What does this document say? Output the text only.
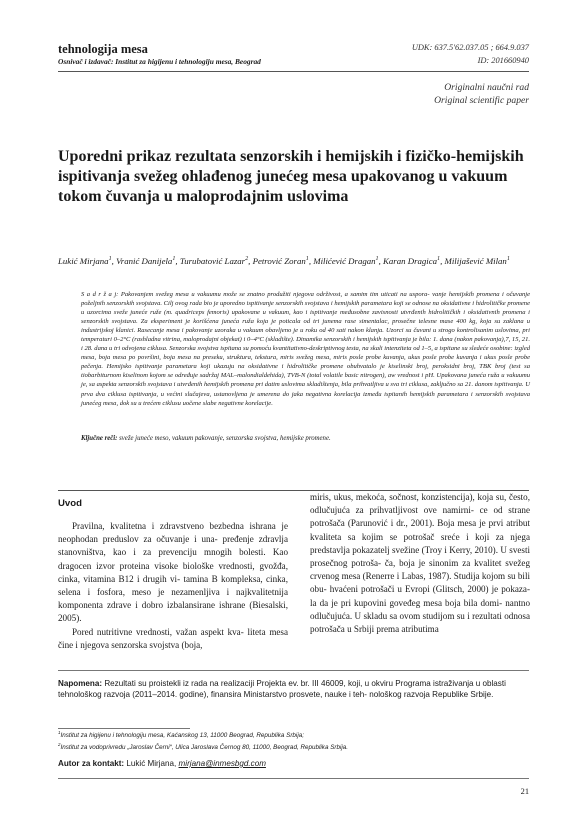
tehnologija mesa
Osnivač i izdavač: Institut za higijenu i tehnologiju mesa, Beograd
UDK: 637.5'62.037.05 ; 664.9.037
ID: 201660940
Originalni naučni rad
Original scientific paper
Uporedni prikaz rezultata senzorskih i hemijskih i fizičko-hemijskih ispitivanja svežeg ohlađenog junećeg mesa upakovanog u vakuum tokom čuvanja u maloprodajnim uslovima
Lukić Mirjana$^1$, Vranić Danijela$^1$, Turubatović Lazar$^2$, Petrović Zoran$^1$, Milićević Dragan$^1$, Karan Dragica$^1$, Milijašević Milan$^1$
S a d r ž a j: Pakovanjem svežeg mesa u vakuumu može se znatno produžiti njegova održivost, a samim tim uticati na uspora- vanje hemijskih promena i očuvanje poželjnih senzorskih svojstava. Cilj ovog rada bio je uporedno ispitivanje senzorskih svojstava i hemijskih parametara koji se odnose na oksidativne i hidrolitičke promene u uzorcima sveže juneće ruže (m. quadriceps femoris) upakovane u vakuum, kao i ispitivanje međusobne zavisnosti utvrđenih hidrolitičkih i oksidativnih promena i senzorskih svojstava. Za eksperiment je korišćena juneća ruža koja je poticala od tri junета rase simentalac, prosečne telesne mase 400 kg, koja su zaklana u industrijskoj klanici. Rasecanje mesa i pakovanje uzoraka u vakuum obavljeno je u roku od 40 sati nakon klanja. Uzorci su čuvani u strogo kontrolisanim uslovima, pri temperaturi 0–2°C (rashladna vitrina, maloprodajni objekat) i 0–4°C (skladište). Dinamika senzorskih i hemijskih ispitivanja je bila: 1. dana (nakon pakovanja),7, 15, 21. i 28. dana u tri odvojena ciklusa. Senzorska svojstva ispitana su pomoću kvantitativno-deskriptivnog testa, na skali intenziteta od 1–5, a ispitane su sledeće osobine: izgled mesa, boja mesa po površini, boja mesa na preseku, struktura, tekstura, miris svežeg mesa, miris posle probe kuvanja, ukus posle probe kuvanja i ukus posle probe pečenja. Hemijsko ispitivanje parametara koji ukazuju na oksidativne i hidrolitičke promene obuhvatalo je kiselinski broj, peroksidni broj, TBK broj (test sa tiobarbiturnom kiselinom kojom se određuje sadržaj MAL–malondialdehida), TVB-N (total volatile basic nitrogen), aw vrednost i pH. Upakovana juneća ruža u vakuumu je, sa aspekta senzorskih svojstava i utvrđenih hemijskih promena pri datim uslovima skladištenja, bila prihvatljiva u sva tri ciklusa, zaključno sa 21. danom ispitivanja. U prva dva ciklusa ispitivanja, u većini slučajeva, ustanovljena je umerena do jaka negativna korelacija između ispitanih hemijskih parametara i senzorskih svojstava junećeg mesa, dok su u trećem ciklusu uočene slabe negativne korelacije.
Ključne reči: sveže juneće meso, vakuum pakovanje, senzorska svojstva, hemijske promene.
Uvod

Pravilna, kvalitetna i zdravstveno bezbedna ishrana je neophodan preduslov za očuvanje i una- pređenje zdravlja stanovništva, kao i za prevenciju mnogih bolesti. Kao dragocen izvor proteina visoke biološke vrednosti, gvožđa, cinka, vitamina B12 i drugih vi- tamina B kompleksa, cinka, selena i fosfora, meso je nezamenljiva i najkvalitetnija komponenta zdrave i dobro izbalansirane ishrane (Biesalski, 2005).

Pored nutritivne vrednosti, važan aspekt kva- liteta mesa čine i njegova senzorska svojstva (boja,

miris, ukus, mekoća, sočnost, konzistencija), koja su, često, odlučujuća za prihvatljivost ove namirni- ce od strane potrošača (Parunović i dr., 2001). Boja mesa je prvi atribut kvaliteta sa kojim se potrošač sreće i koji za njega predstavlja pokazatelj svežine (Troy i Kerry, 2010). U svesti prosečnog potroša- ča, boja je sinonim za kvalitet svežeg crvenog mesa (Renerre i Labas, 1987). Studija kojom su bili obu- hvaćeni potrošači u Evropi (Glitsch, 2000) je pokaza- la da je pri kupovini govеđeg mesa boja bila domi- nantno odlučujuća. U skladu sa ovom studijom su i rezultati odnosa potrošača u Srbiji prema atributima

Napomena: Rezultati su proistekli iz rada na realizaciji Projekta ev. br. III 46009, koji, u okviru Programa istraživanja u oblasti tehnološkog razvoja (2011–2014. godine), finansira Ministarstvo prosvete, nauke i teh- nološkog razvoja Republike Srbije.
$^1$Institut za higijenu i tehnologiju mesa, Kaćanskog 13, 11000 Beograd, Republika Srbija;
$^2$Institut za vodoprivredu „Jaroslav Černi“, Ulica Jaroslava Černog 80, 11000, Beograd, Republika Srbija.
Autor za kontakt: Lukić Mirjana, mirjana@inmesbgd.com
21
